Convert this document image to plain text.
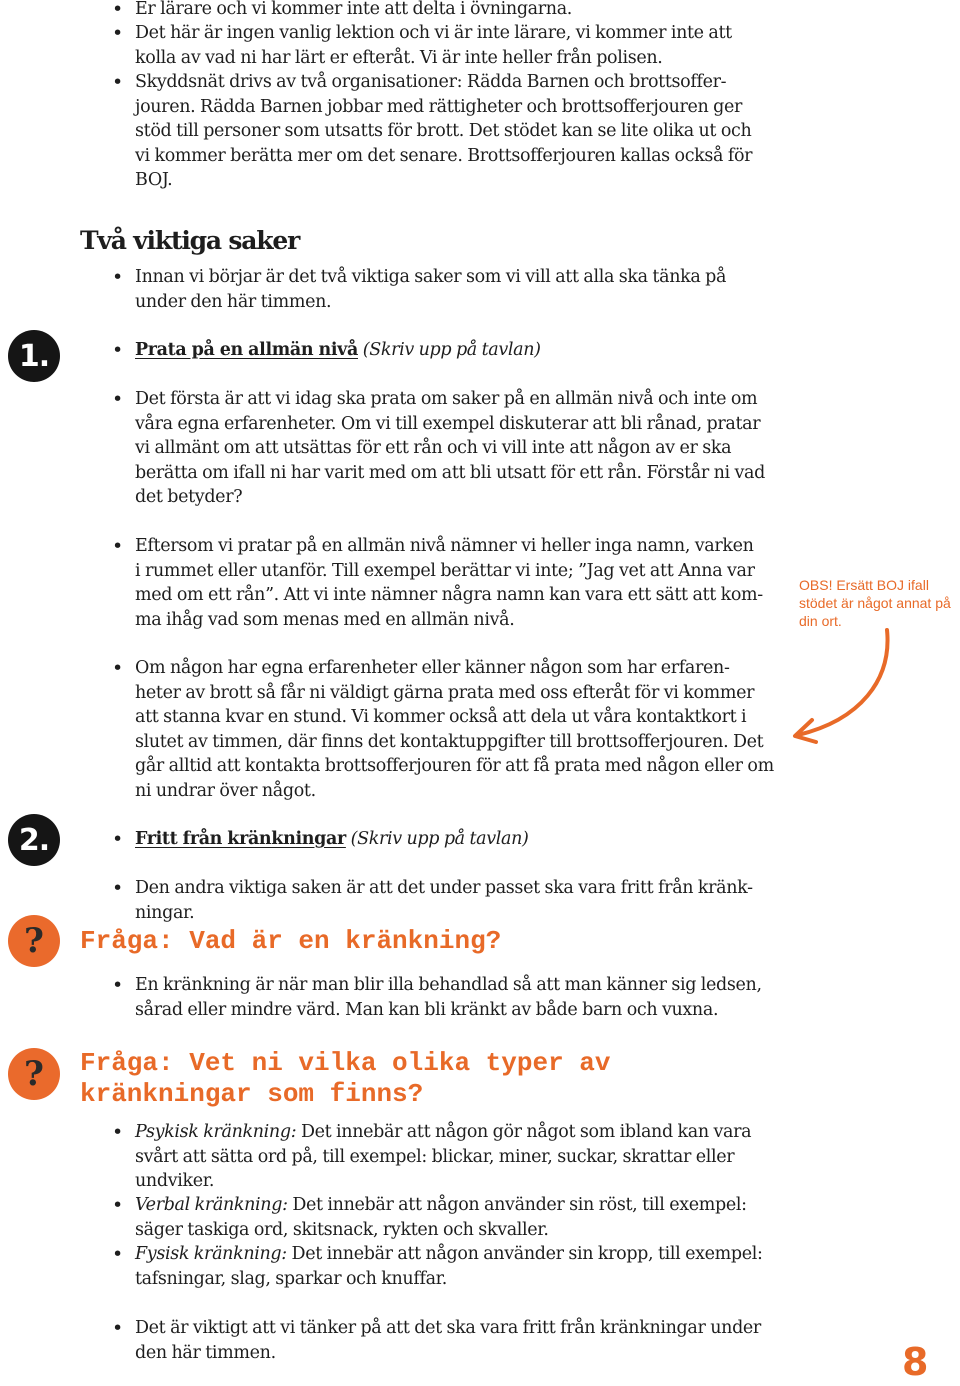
• Er lärare och vi kommer inte att delta i övningarna.
• Det här är ingen vanlig lektion och vi är inte lärare, vi kommer inte att
kolla av vad ni har lärt er efteråt. Vi är inte heller från polisen.
• Skyddsnät drivs av två organisationer: Rädda Barnen och brottsoffer-
jouren. Rädda Barnen jobbar med rättigheter och brottsofferjouren ger
stöd till personer som utsatts för brott. Det stödet kan se lite olika ut och
vi kommer berätta mer om det senare. Brottsofferjouren kallas också för
BOJ.
Två viktiga saker
• Innan vi börjar är det två viktiga saker som vi vill att alla ska tänka på
under den här timmen.
1.	• Prata på en allmän nivå (Skriv upp på tavlan)
• Det första är att vi idag ska prata om saker på en allmän nivå och inte om
våra egna erfarenheter. Om vi till exempel diskuterar att bli rånad, pratar
vi allmänt om att utsättas för ett rån och vi vill inte att någon av er ska
berätta om ifall ni har varit med om att bli utsatt för ett rån. Förstår ni vad
det betyder?
• Eftersom vi pratar på en allmän nivå nämner vi heller inga namn, varken
i rummet eller utanför. Till exempel berättar vi inte; ”Jag vet att Anna var
med om ett rån”. Att vi inte nämner några namn kan vara ett sätt att kom-
ma ihåg vad som menas med en allmän nivå.
• Om någon har egna erfarenheter eller känner någon som har erfaren-
heter av brott så får ni väldigt gärna prata med oss efteråt för vi kommer
att stanna kvar en stund. Vi kommer också att dela ut våra kontaktkort i
slutet av timmen, där finns det kontaktuppgifter till brottsofferjouren. Det
går alltid att kontakta brottsofferjouren för att få prata med någon eller om
ni undrar över något.
OBS! Ersätt BOJ ifall
stödet är något annat på
din ort.
2.	• Fritt från kränkningar (Skriv upp på tavlan)
• Den andra viktiga saken är att det under passet ska vara fritt från kränk-
ningar.
?	Fråga: Vad är en kränkning?
• En kränkning är när man blir illa behandlad så att man känner sig ledsen,
sårad eller mindre värd. Man kan bli kränkt av både barn och vuxna.
?	Fråga: Vet ni vilka olika typer av
kränkningar som finns?
• Psykisk kränkning: Det innebär att någon gör något som ibland kan vara
svårt att sätta ord på, till exempel: blickar, miner, suckar, skrattar eller
undviker.
• Verbal kränkning: Det innebär att någon använder sin röst, till exempel:
säger taskiga ord, skitsnack, rykten och skvaller.
• Fysisk kränkning: Det innebär att någon använder sin kropp, till exempel:
tafsningar, slag, sparkar och knuffar.
• Det är viktigt att vi tänker på att det ska vara fritt från kränkningar under
den här timmen.	8
